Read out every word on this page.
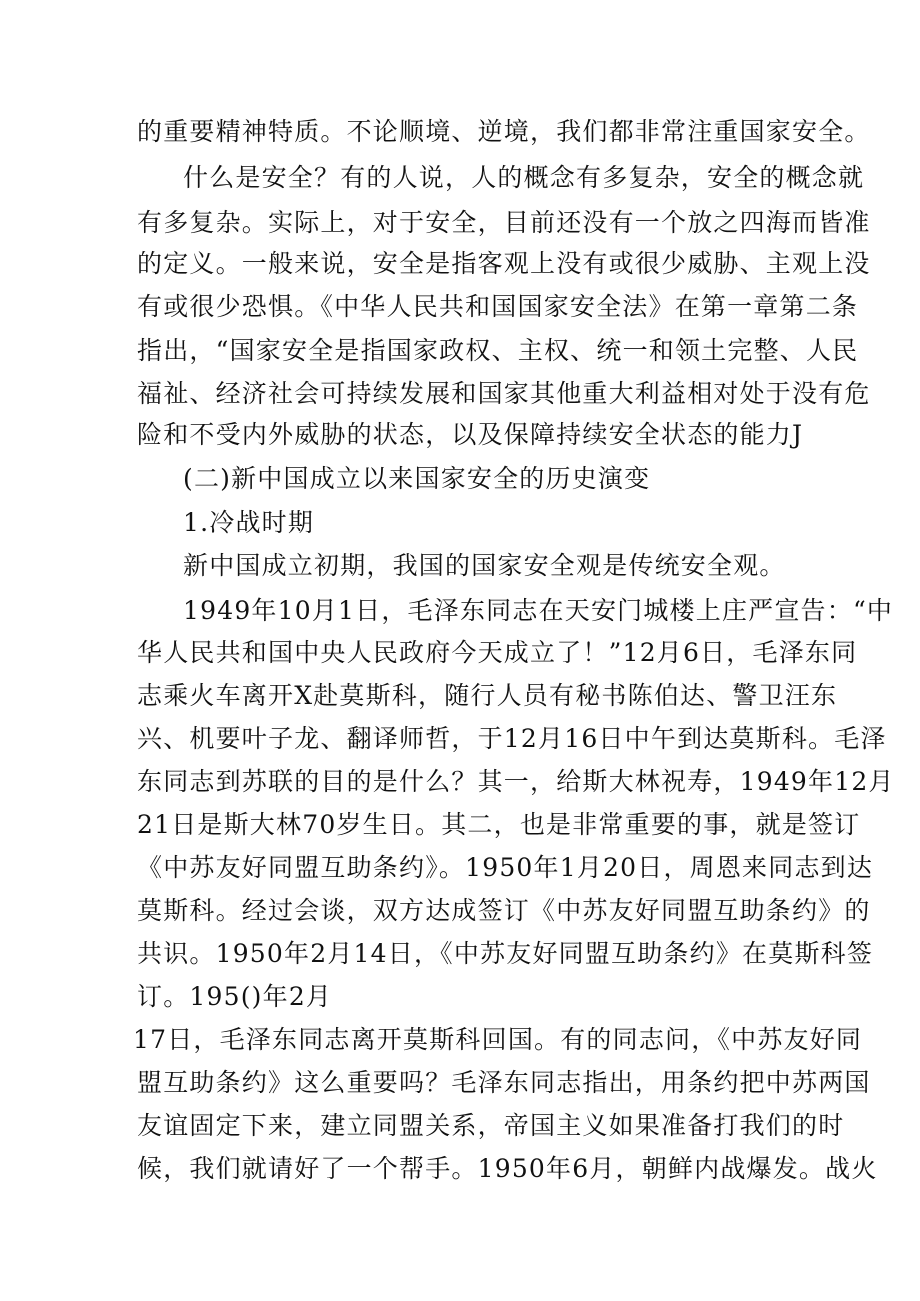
的重要精神特质。不论顺境、逆境，我们都非常注重国家安全。
什么是安全？有的人说，人的概念有多复杂，安全的概念就
有多复杂。实际上，对于安全，目前还没有一个放之四海而皆准
的定义。一般来说，安全是指客观上没有或很少威胁、主观上没
有或很少恐惧。《中华人民共和国国家安全法》在第一章第二条
指出，“国家安全是指国家政权、主权、统一和领土完整、人民
福祉、经济社会可持续发展和国家其他重大利益相对处于没有危
险和不受内外威胁的状态，以及保障持续安全状态的能力J
(二)新中国成立以来国家安全的历史演变
1.冷战时期
新中国成立初期，我国的国家安全观是传统安全观。
1949年10月1日，毛泽东同志在天安门城楼上庄严宣告：“中
华人民共和国中央人民政府今天成立了！”12月6日，毛泽东同
志乘火车离开X赴莫斯科，随行人员有秘书陈伯达、警卫汪东
兴、机要叶子龙、翻译师哲，于12月16日中午到达莫斯科。毛泽
东同志到苏联的目的是什么？其一，给斯大林祝寿，1949年12月
21日是斯大林70岁生日。其二，也是非常重要的事，就是签订
《中苏友好同盟互助条约》。1950年1月20日，周恩来同志到达
莫斯科。经过会谈，双方达成签订《中苏友好同盟互助条约》的
共识。1950年2月14日，《中苏友好同盟互助条约》在莫斯科签
订。195()年2月
17日，毛泽东同志离开莫斯科回国。有的同志问，《中苏友好同
盟互助条约》这么重要吗？毛泽东同志指出，用条约把中苏两国
友谊固定下来，建立同盟关系，帝国主义如果准备打我们的时
候，我们就请好了一个帮手。1950年6月，朝鲜内战爆发。战火
